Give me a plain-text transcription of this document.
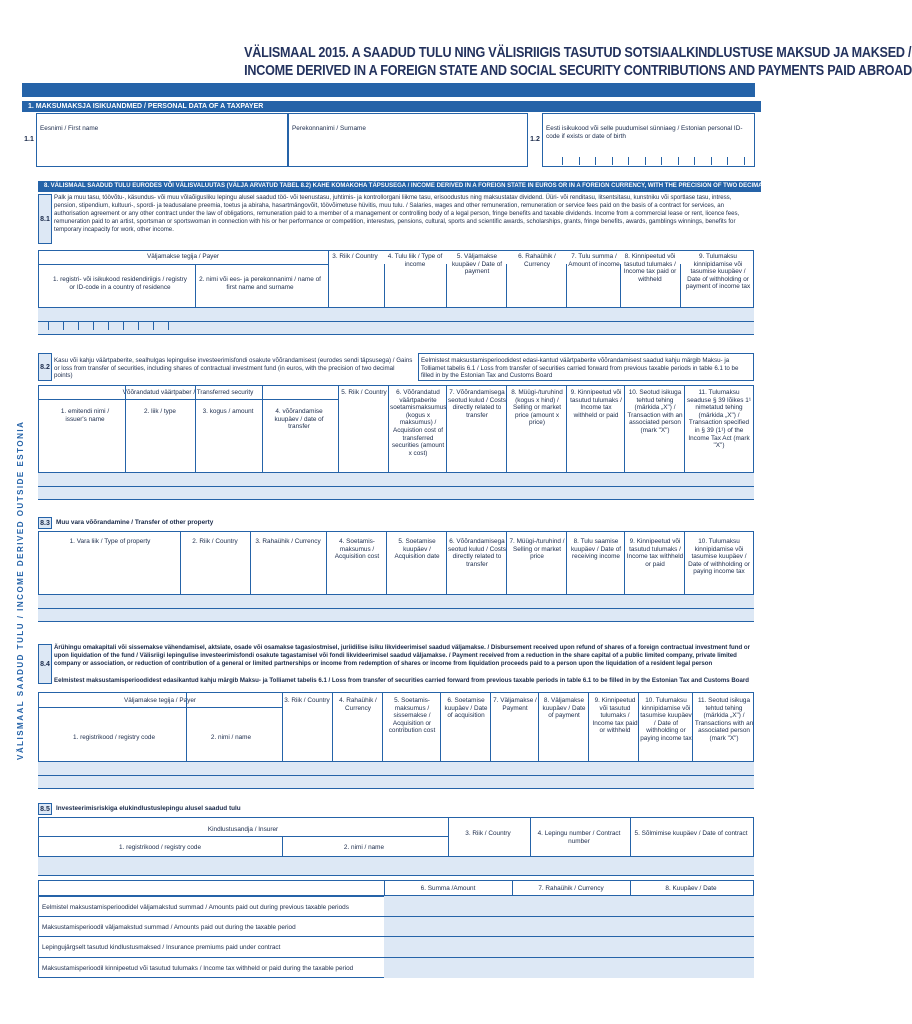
VÄLISMAAL 2015. A SAADUD TULU NING VÄLISRIIGIS TASUTUD SOTSIAALKINDLUSTUSE MAKSUD JA MAKSED /
INCOME DERIVED IN A FOREIGN STATE AND SOCIAL SECURITY CONTRIBUTIONS AND PAYMENTS PAID ABROAD
VÄLISMAAL SAADUD TULU / INCOME DERIVED OUTSIDE ESTONIA
1. MAKSUMAKSJA ISIKUANDMED / PERSONAL DATA OF A TAXPAYER
1.1
Eesnimi / First name	Perekonnanimi / Surname
1.2
Eesti isikukood või selle puudumisel sünniaeg / Estonian personal ID-code if exists or date of birth
8. VÄLISMAAL SAADUD TULU EURODES VÕI VÄLISVALUUTAS (VÄLJA ARVATUD TABEL 8.2) KAHE KOMAKOHA TÄPSUSEGA / INCOME DERIVED IN A FOREIGN STATE IN EUROS OR IN A FOREIGN CURRENCY, WITH THE PRECISION OF TWO DECIMAL POINTS ( EXCEPT TABLE 8.2)
8.1
Palk ja muu tasu, töövõtu-, käsundus- või muu võlaõigusliku lepingu alusel saadud töö- või teenustasu, juhtimis- ja kontrollorgani liikme tasu, erisoodustus ning maksustatav dividend. Üüri- või renditasu, litsentsitasu, kunstniku või sportlase tasu, intress, pension, stipendium, kultuuri-, spordi- ja teadusalane preemia, toetus ja abiraha, hasartmängovõit, töövõimetuse hüvitis, muu tulu. / Salaries, wages and other remuneration, remuneration or service fees paid on the basis of a contract for services, an authorisation agreement or any other contract under the law of obligations, remuneration paid to a member of a management or controlling body of a legal person, fringe benefits and taxable dividends. Income from a commercial lease or rent, licence fees, remuneration paid to an artist, sportsman or sportswoman in connection with his or her performance or competition, interestws, pensions, cultural, sports and scientific awards, scholarships, grants, fringe benefits, awards, gamblings winnings, benefits for temporary incapacity for work, other income.
Väljamakse tegija / Payer
1. registri- või isikukood residendiriigis / registry or ID-code in a country of residence
2. nimi või ees- ja perekonnanimi / name of first name and surname
3. Riik / Country	4. Tulu liik / Type of income
5. Väljamakse kuupäev / Date of payment
6. Rahaühik / Currency
7. Tulu summa / Amount of income
8. Kinnipeetud või tasutud tulumaks / Income tax paid or withheld
9. Tulumaksu kinnipidamise või tasumise kuupäev / Date of withholding or payment of income tax
8.2
Kasu või kahju väärtpaberite, sealhulgas lepingulise investeerimisfondi osakute võõrandamisest (eurodes sendi täpsusega) / Gains or loss from transfer of securities, including shares of contractual investment fund (in euros, with the precision of two decimal points)
Eelmistest maksustamisperioodidest edasi-kantud väärtpaberite võõrandamisest saadud kahju märgib Maksu- ja Tolliamet tabelis 6.1 / Loss from transfer of securities carried forward from previous taxable periods in table 6.1 to be filled in by the Estonian Tax and Customs Board
Võõrandatud väärtpaber / Transferred security
1. emitendi nimi / issuer's name
2. liik / type	3. kogus / amount	4. võõrandamise kuupäev / date of transfer
5. Riik / Country	6. Võõrandatud väärtpaberite soetamismaksumus (kogus x maksumus) / Acquistion cost of transferred securities (amount x cost)
7. Võõrandamisega seotud kulud / Costs directly related to transfer
8. Müügi-/turuhind (kogus x hind) / Selling or market price (amount x price)
9. Kinnipeetud või tasutud tulumaks / Income tax withheld or paid
10. Seotud isikuga tehtud tehing (märkida „X") / Transaction with an associated person (mark "X")
11. Tulumaksu seaduse § 39 lõikes 1¹ nimetatud tehing (märkida „X") / Transaction specified in § 39 (1¹) of the Income Tax Act (mark "X")
8.3 Muu vara võõrandamine / Transfer of other property
1. Vara liik / Type of property	2. Riik / Country	3. Rahaühik / Currency	4. Soetamis-maksumus / Acquisition cost
5. Soetamise kuupäev / Acquisition date
6. Võõrandamisega seotud kulud / Costs directly related to transfer
7. Müügi-/turuhind / Selling or market price
8. Tulu saamise kuupäev / Date of receiving income
9. Kinnipeetud või tasutud tulumaks / Income tax withheld or paid
10. Tulumaksu kinnipidamise või tasumise kuupäev / Date of withholding or paying income tax
8.4
Ärühingu omakapitali või sissemakse vähendamisel, aktsiate, osade või osamakse tagasiostmisel, juriidilise isiku likvideerimisel saadud väljamakse. / Disbursement received upon refund of shares of a foreign contractual investment fund or upon liquidation of the fund / Välisriigi lepingulise investeerimisfondi osakute tagastamisel või fondi likvideerimisel saadud väljamakse. / Payment received from a reduction in the share capital of a public limited company, private limited company or association, or reduction of contribution of a general or limited partnerships or income from redemption of shares or income from liquidation proceeds paid to a person upon the liquidation of a resident legal person
Eelmistest maksustamisperioodidest edasikantud kahju märgib Maksu- ja Tolliamet tabelis 6.1 / Loss from transfer of securities carried forward from previous taxable periods in table 6.1 to be filled in by the Estonian Tax and Customs Board
Väljamakse tegija / Payer
1. registrikood / registry code	2. nimi / name
3. Riik / Country	4. Rahaühik / Currency
5. Soetamis-maksumus / sissemakse / Acquisition or contribution cost
6. Soetamise kuupäev / Date of acquisition
7. Väljamakse / Payment
8. Väljamakse kuupäev / Date of payment
9. Kinnipeetud või tasutud tulumaks / Income tax paid or withheld
10. Tulumaksu kinnipidamise või tasumise kuupäev / Date of withholding or paying income tax
11. Seotud isikuga tehtud tehing (märkida „X") / Transactions with an associated person (mark "X")
8.5 Investeerimisriskiga elukindlustuslepingu alusel saadud tulu
Kindlustusandja / Insurer
1. registrikood / registry code	2. nimi / name
3. Riik / Country	4. Lepingu number / Contract number
5. Sõlmimise kuupäev / Date of contract
6. Summa /Amount	7. Rahaühik / Currency	8. Kuupäev / Date
Eelmistel maksustamisperioodidel väljamakstud summad / Amounts paid out during previous taxable periods
Maksustamisperioodil väljamakstud summad / Amounts paid out during the taxable period
Lepingujärgselt tasutud kindlustusmaksed / Insurance premiums paid under contract
Maksustamisperioodil kinnipeetud või tasutud tulumaks / Income tax withheld or paid during the taxable period
